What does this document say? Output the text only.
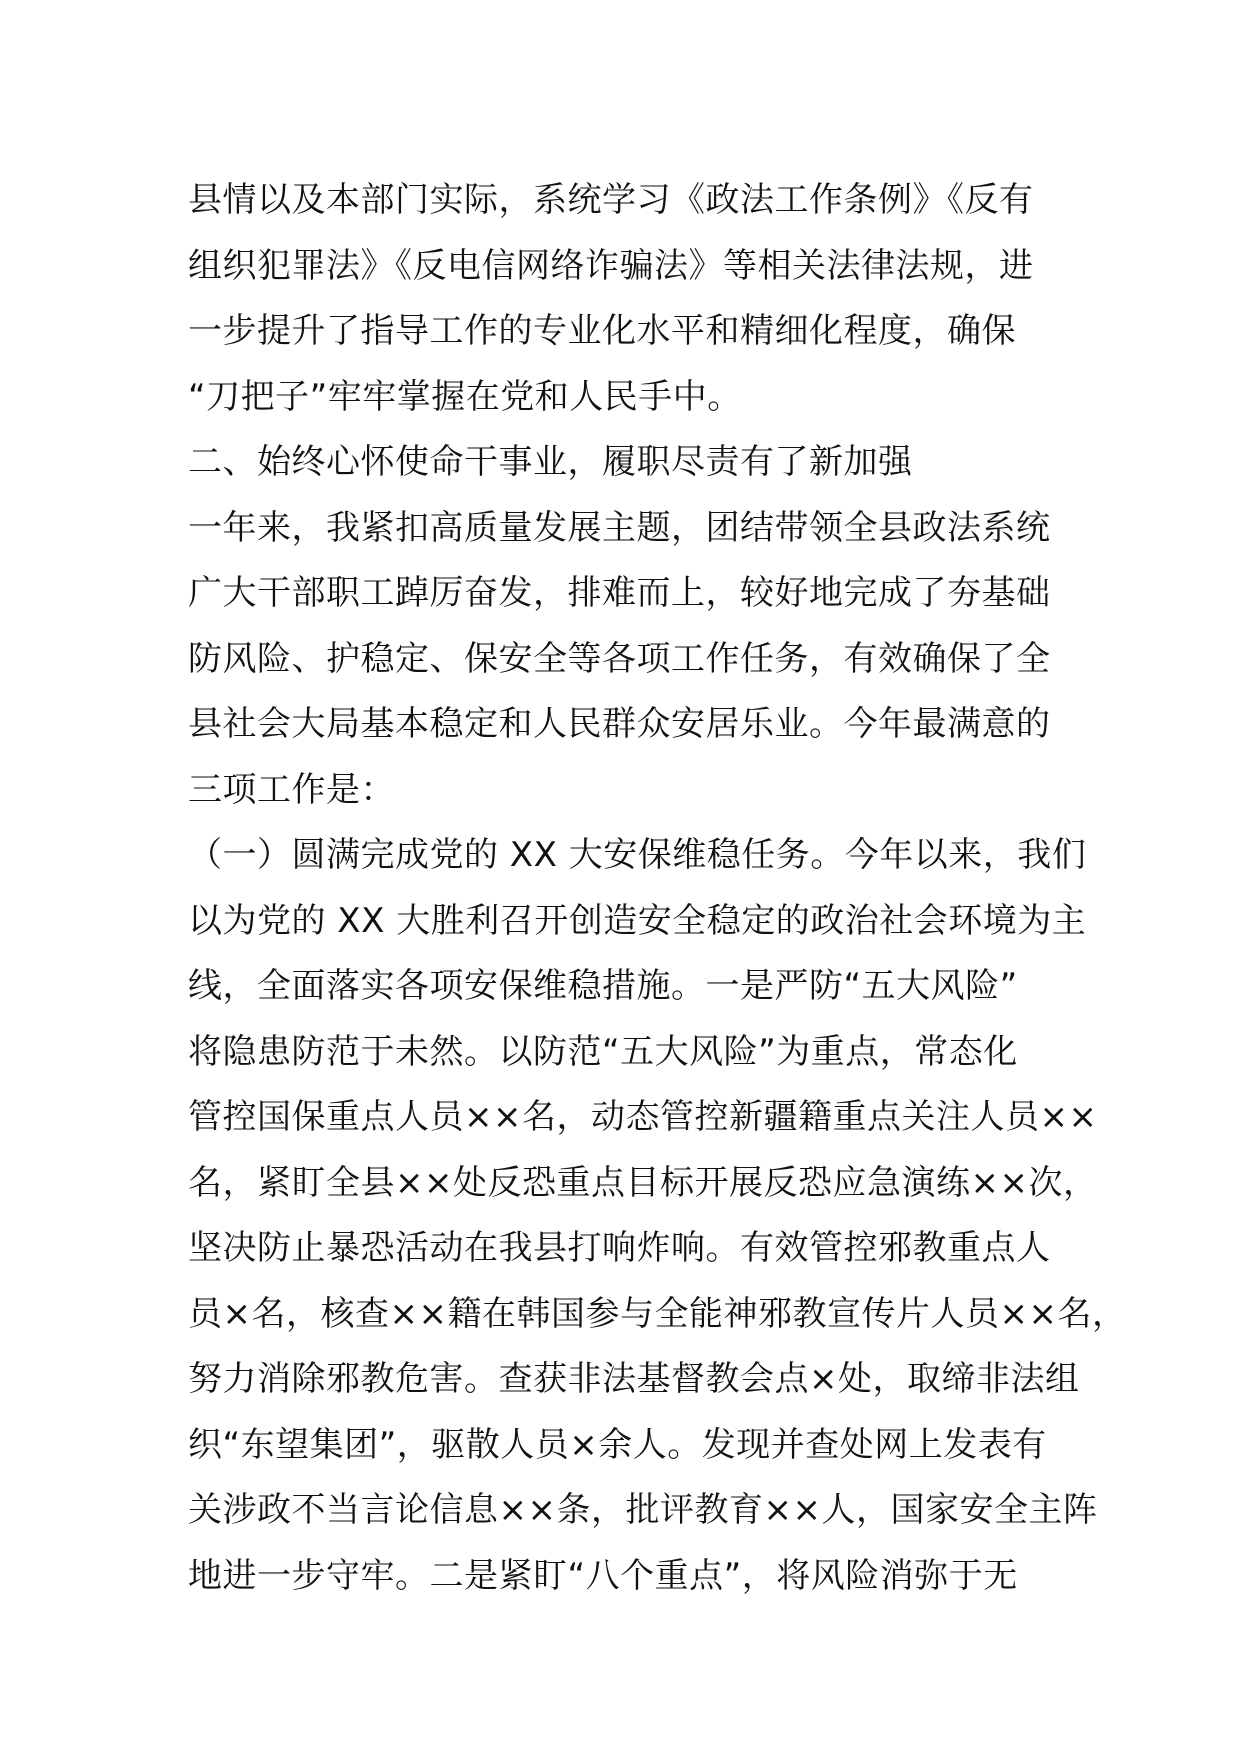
县情以及本部门实际，系统学习《政法工作条例》《反有
组织犯罪法》《反电信网络诈骗法》等相关法律法规，进
一步提升了指导工作的专业化水平和精细化程度，确保
“刀把子”牢牢掌握在党和人民手中。
二、始终心怀使命干事业，履职尽责有了新加强
一年来，我紧扣高质量发展主题，团结带领全县政法系统
广大干部职工踔厉奋发，排难而上，较好地完成了夯基础
防风险、护稳定、保安全等各项工作任务，有效确保了全
县社会大局基本稳定和人民群众安居乐业。今年最满意的
三项工作是：
（一）圆满完成党的 XX 大安保维稳任务。今年以来，我们
以为党的 XX 大胜利召开创造安全稳定的政治社会环境为主
线，全面落实各项安保维稳措施。一是严防“五大风险”
将隐患防范于未然。以防范“五大风险”为重点，常态化
管控国保重点人员××名，动态管控新疆籍重点关注人员××
名，紧盯全县××处反恐重点目标开展反恐应急演练××次，
坚决防止暴恐活动在我县打响炸响。有效管控邪教重点人
员×名，核查××籍在韩国参与全能神邪教宣传片人员××名，
努力消除邪教危害。查获非法基督教会点×处，取缔非法组
织“东望集团”，驱散人员×余人。发现并查处网上发表有
关涉政不当言论信息××条，批评教育××人，国家安全主阵
地进一步守牢。二是紧盯“八个重点”，将风险消弥于无
